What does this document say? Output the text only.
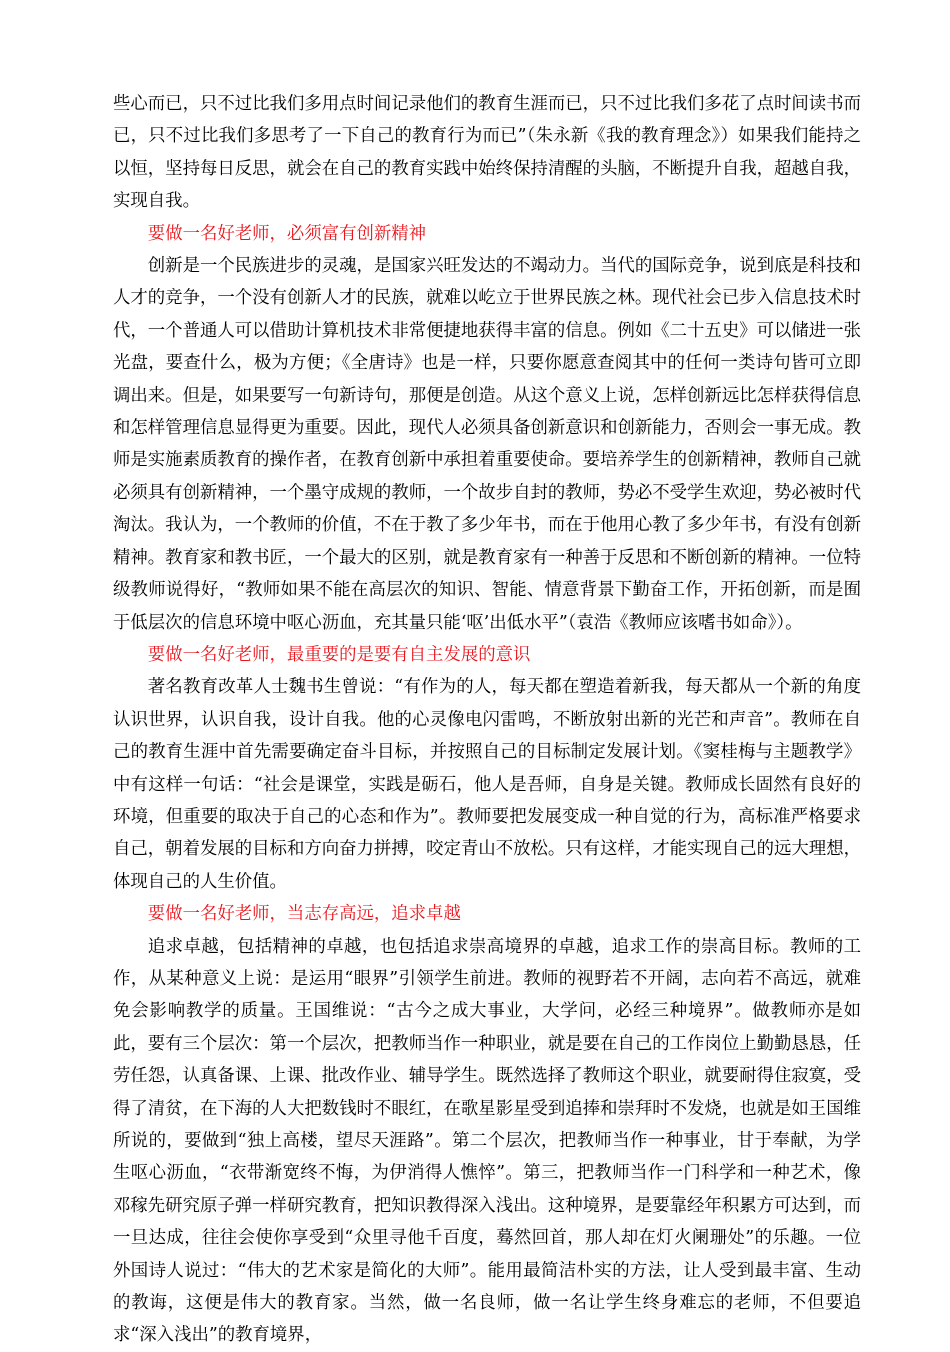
些心而已，只不过比我们多用点时间记录他们的教育生涯而已，只不过比我们多花了点时间读书而已，只不过比我们多思考了一下自己的教育行为而已”（朱永新《我的教育理念》）如果我们能持之以恒，坚持每日反思，就会在自己的教育实践中始终保持清醒的头脑，不断提升自我，超越自我，实现自我。

要做一名好老师，必须富有创新精神

创新是一个民族进步的灵魂，是国家兴旺发达的不竭动力。当代的国际竞争，说到底是科技和人才的竞争，一个没有创新人才的民族，就难以屹立于世界民族之林。现代社会已步入信息技术时代，一个普通人可以借助计算机技术非常便捷地获得丰富的信息。例如《二十五史》可以储进一张光盘，要查什么，极为方便；《全唐诗》也是一样，只要你愿意查阅其中的任何一类诗句皆可立即调出来。但是，如果要写一句新诗句，那便是创造。从这个意义上说，怎样创新远比怎样获得信息和怎样管理信息显得更为重要。因此，现代人必须具备创新意识和创新能力，否则会一事无成。教师是实施素质教育的操作者，在教育创新中承担着重要使命。要培养学生的创新精神，教师自己就必须具有创新精神，一个墨守成规的教师，一个故步自封的教师，势必不受学生欢迎，势必被时代淘汰。我认为，一个教师的价值，不在于教了多少年书，而在于他用心教了多少年书，有没有创新精神。教育家和教书匠，一个最大的区别，就是教育家有一种善于反思和不断创新的精神。一位特级教师说得好，“教师如果不能在高层次的知识、智能、情意背景下勤奋工作，开拓创新，而是囿于低层次的信息环境中呕心沥血，充其量只能‘呕’出低水平”（袁浩《教师应该嗜书如命》）。

要做一名好老师，最重要的是要有自主发展的意识

著名教育改革人士魏书生曾说：“有作为的人，每天都在塑造着新我，每天都从一个新的角度认识世界，认识自我，设计自我。他的心灵像电闪雷鸣，不断放射出新的光芒和声音”。教师在自己的教育生涯中首先需要确定奋斗目标，并按照自己的目标制定发展计划。《窦桂梅与主题教学》中有这样一句话：“社会是课堂，实践是砺石，他人是吾师，自身是关键。教师成长固然有良好的环境，但重要的取决于自己的心态和作为”。教师要把发展变成一种自觉的行为，高标准严格要求自己，朝着发展的目标和方向奋力拼搏，咬定青山不放松。只有这样，才能实现自己的远大理想，体现自己的人生价值。

要做一名好老师，当志存高远，追求卓越

追求卓越，包括精神的卓越，也包括追求崇高境界的卓越，追求工作的崇高目标。教师的工作，从某种意义上说：是运用“眼界”引领学生前进。教师的视野若不开阔，志向若不高远，就难免会影响教学的质量。王国维说：“古今之成大事业，大学问，必经三种境界”。做教师亦是如此，要有三个层次：第一个层次，把教师当作一种职业，就是要在自己的工作岗位上勤勤恳恳，任劳任怨，认真备课、上课、批改作业、辅导学生。既然选择了教师这个职业，就要耐得住寂寞，受得了清贫，在下海的人大把数钱时不眼红，在歌星影星受到追捧和崇拜时不发烧，也就是如王国维所说的，要做到“独上高楼，望尽天涯路”。第二个层次，把教师当作一种事业，甘于奉献，为学生呕心沥血，“衣带渐宽终不悔，为伊消得人憔悴”。第三，把教师当作一门科学和一种艺术，像邓稼先研究原子弹一样研究教育，把知识教得深入浅出。这种境界，是要靠经年积累方可达到，而一旦达成，往往会使你享受到“众里寻他千百度，蓦然回首，那人却在灯火阑珊处”的乐趣。一位外国诗人说过：“伟大的艺术家是简化的大师”。能用最简洁朴实的方法，让人受到最丰富、生动的教诲，这便是伟大的教育家。当然，做一名良师，做一名让学生终身难忘的老师，不但要追求“深入浅出”的教育境界，
